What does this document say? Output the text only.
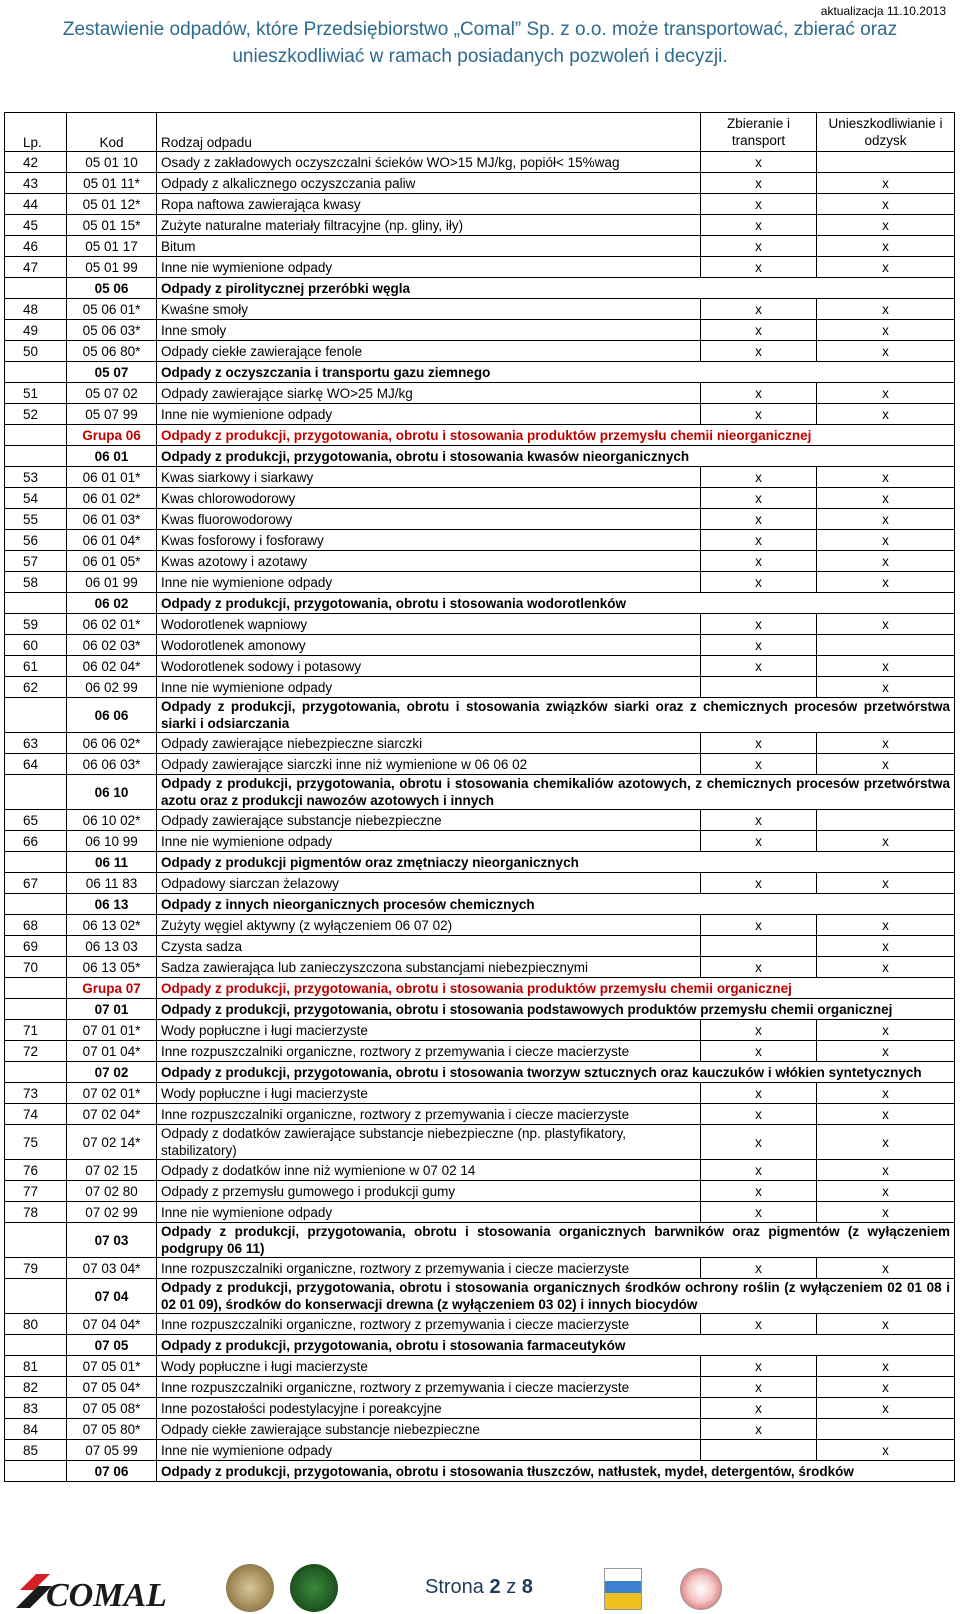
aktualizacja 11.10.2013
Zestawienie odpadów, które Przedsiębiorstwo „Comal” Sp. z o.o. może transportować, zbierać oraz
unieszkodliwiać w ramach posiadanych pozwoleń i decyzji.
Lp.	Kod	Rodzaj odpadu	Zbieranie i transport	Unieszkodliwianie i odzysk
42	05 01 10	Osady z zakładowych oczyszczalni ścieków WO>15 MJ/kg, popiół< 15%wag	x	
43	05 01 11*	Odpady z alkalicznego oczyszczania paliw	x	x
44	05 01 12*	Ropa naftowa zawierająca kwasy	x	x
45	05 01 15*	Zużyte naturalne materiały filtracyjne (np. gliny, iły)	x	x
46	05 01 17	Bitum	x	x
47	05 01 99	Inne nie wymienione odpady	x	x
	05 06	Odpady z pirolitycznej przeróbki węgla		
48	05 06 01*	Kwaśne smoły	x	x
49	05 06 03*	Inne smoły	x	x
50	05 06 80*	Odpady ciekłe zawierające fenole	x	x
	05 07	Odpady z oczyszczania i transportu gazu ziemnego		
51	05 07 02	Odpady zawierające siarkę WO>25 MJ/kg	x	x
52	05 07 99	Inne nie wymienione odpady	x	x
	Grupa 06	Odpady z produkcji, przygotowania, obrotu i stosowania produktów przemysłu chemii nieorganicznej		
	06 01	Odpady z produkcji, przygotowania, obrotu i stosowania kwasów nieorganicznych		
53	06 01 01*	Kwas siarkowy i siarkawy	x	x
54	06 01 02*	Kwas chlorowodorowy	x	x
55	06 01 03*	Kwas fluorowodorowy	x	x
56	06 01 04*	Kwas fosforowy i fosforawy	x	x
57	06 01 05*	Kwas azotowy i azotawy	x	x
58	06 01 99	Inne nie wymienione odpady	x	x
	06 02	Odpady z produkcji, przygotowania, obrotu i stosowania wodorotlenków		
59	06 02 01*	Wodorotlenek wapniowy	x	x
60	06 02 03*	Wodorotlenek amonowy	x	
61	06 02 04*	Wodorotlenek sodowy i potasowy	x	x
62	06 02 99	Inne nie wymienione odpady		x
	06 06	Odpady z produkcji, przygotowania, obrotu i stosowania związków siarki oraz z chemicznych procesów przetwórstwa siarki i odsiarczania		
63	06 06 02*	Odpady zawierające niebezpieczne siarczki	x	x
64	06 06 03*	Odpady zawierające siarczki inne niż wymienione w 06 06 02	x	x
	06 10	Odpady z produkcji, przygotowania, obrotu i stosowania chemikaliów azotowych, z chemicznych procesów przetwórstwa azotu oraz z produkcji nawozów azotowych i innych		
65	06 10 02*	Odpady zawierające substancje niebezpieczne	x	
66	06 10 99	Inne nie wymienione odpady	x	x
	06 11	Odpady z produkcji pigmentów oraz zmętniaczy nieorganicznych		
67	06 11 83	Odpadowy siarczan żelazowy	x	x
	06 13	Odpady z innych nieorganicznych procesów chemicznych		
68	06 13 02*	Zużyty węgiel aktywny (z wyłączeniem 06 07 02)	x	x
69	06 13 03	Czysta sadza		x
70	06 13 05*	Sadza zawierająca lub zanieczyszczona substancjami niebezpiecznymi	x	x
	Grupa 07	Odpady z produkcji, przygotowania, obrotu i stosowania produktów przemysłu chemii organicznej		
	07 01	Odpady z produkcji, przygotowania, obrotu i stosowania podstawowych produktów przemysłu chemii organicznej		
71	07 01 01*	Wody popłuczne i ługi macierzyste	x	x
72	07 01 04*	Inne rozpuszczalniki organiczne, roztwory z przemywania i ciecze macierzyste	x	x
	07 02	Odpady z produkcji, przygotowania, obrotu i stosowania tworzyw sztucznych oraz kauczuków i włókien syntetycznych		
73	07 02 01*	Wody popłuczne i ługi macierzyste	x	x
74	07 02 04*	Inne rozpuszczalniki organiczne, roztwory z przemywania i ciecze macierzyste	x	x
75	07 02 14*	Odpady z dodatków zawierające substancje niebezpieczne (np. plastyfikatory, stabilizatory)	x	x
76	07 02 15	Odpady z dodatków inne niż wymienione w 07 02 14	x	x
77	07 02 80	Odpady z przemysłu gumowego i produkcji gumy	x	x
78	07 02 99	Inne nie wymienione odpady	x	x
	07 03	Odpady z produkcji, przygotowania, obrotu i stosowania organicznych barwników oraz pigmentów (z wyłączeniem podgrupy 06 11)		
79	07 03 04*	Inne rozpuszczalniki organiczne, roztwory z przemywania i ciecze macierzyste	x	x
	07 04	Odpady z produkcji, przygotowania, obrotu i stosowania organicznych środków ochrony roślin (z wyłączeniem 02 01 08 i 02 01 09), środków do konserwacji drewna (z wyłączeniem 03 02) i innych biocydów		
80	07 04 04*	Inne rozpuszczalniki organiczne, roztwory z przemywania i ciecze macierzyste	x	x
	07 05	Odpady z produkcji, przygotowania, obrotu i stosowania farmaceutyków		
81	07 05 01*	Wody popłuczne i ługi macierzyste	x	x
82	07 05 04*	Inne rozpuszczalniki organiczne, roztwory z przemywania i ciecze macierzyste	x	x
83	07 05 08*	Inne pozostałości podestylacyjne i poreakcyjne	x	x
84	07 05 80*	Odpady ciekłe zawierające substancje niebezpieczne	x	
85	07 05 99	Inne nie wymienione odpady		x
	07 06	Odpady z produkcji, przygotowania, obrotu i stosowania tłuszczów, natłustek, mydeł, detergentów, środków		
COMAL	Strona 2 z 8
